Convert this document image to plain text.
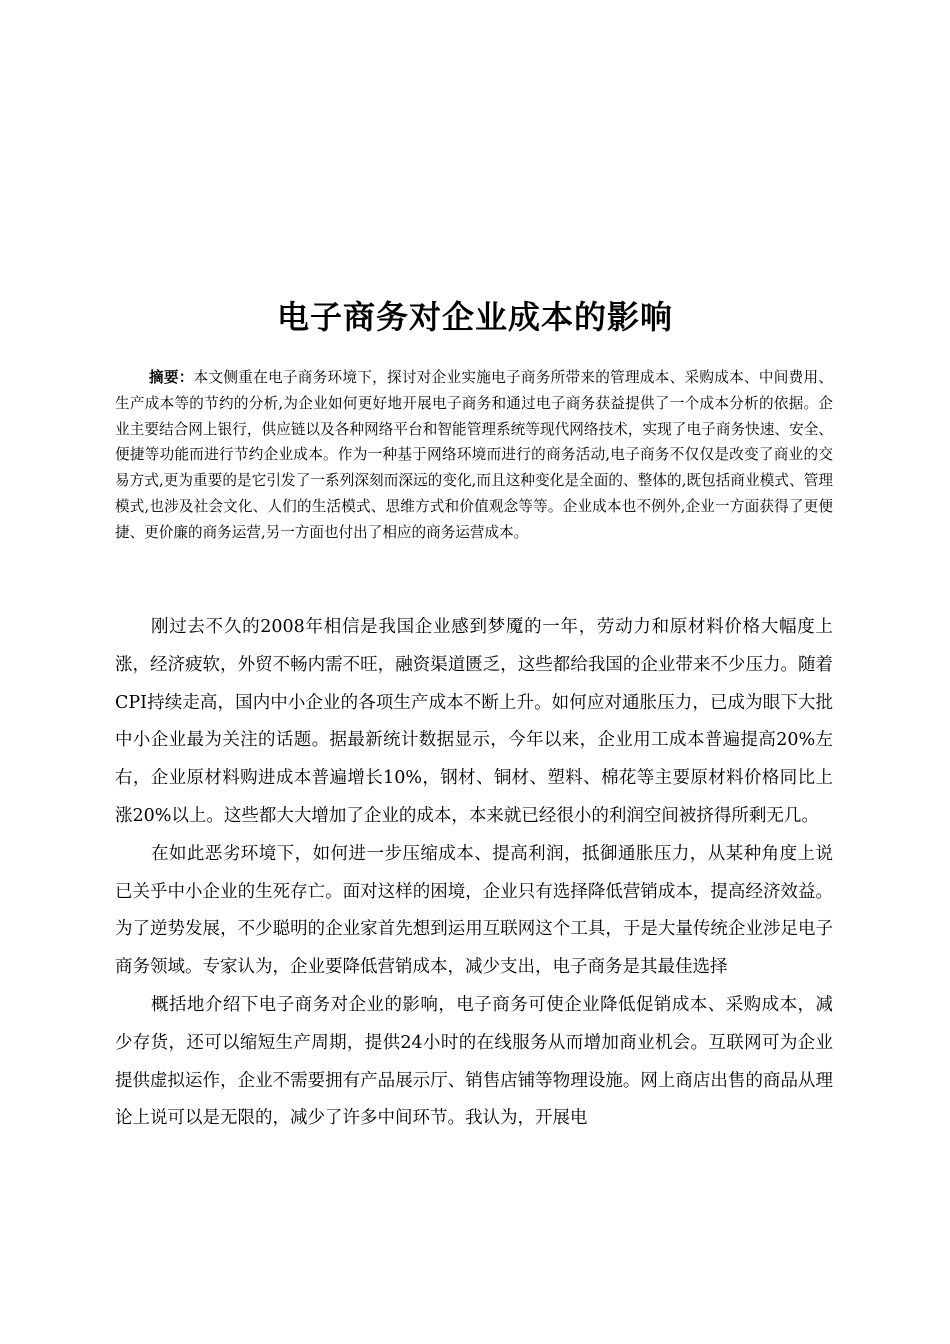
电子商务对企业成本的影响
摘要：本文侧重在电子商务环境下，探讨对企业实施电子商务所带来的管理成本、采购成本、中间费用、生产成本等的节约的分析,为企业如何更好地开展电子商务和通过电子商务获益提供了一个成本分析的依据。企业主要结合网上银行，供应链以及各种网络平台和智能管理系统等现代网络技术，实现了电子商务快速、安全、便捷等功能而进行节约企业成本。作为一种基于网络环境而进行的商务活动,电子商务不仅仅是改变了商业的交易方式,更为重要的是它引发了一系列深刻而深远的变化,而且这种变化是全面的、整体的,既包括商业模式、管理模式,也涉及社会文化、人们的生活模式、思维方式和价值观念等等。企业成本也不例外,企业一方面获得了更便捷、更价廉的商务运营,另一方面也付出了相应的商务运营成本。

刚过去不久的2008年相信是我国企业感到梦魇的一年，劳动力和原材料价格大幅度上涨，经济疲软，外贸不畅内需不旺，融资渠道匮乏，这些都给我国的企业带来不少压力。随着CPI持续走高，国内中小企业的各项生产成本不断上升。如何应对通胀压力，已成为眼下大批中小企业最为关注的话题。据最新统计数据显示，今年以来，企业用工成本普遍提高20%左右，企业原材料购进成本普遍增长10%，钢材、铜材、塑料、棉花等主要原材料价格同比上涨20%以上。这些都大大增加了企业的成本，本来就已经很小的利润空间被挤得所剩无几。

在如此恶劣环境下，如何进一步压缩成本、提高利润，抵御通胀压力，从某种角度上说已关乎中小企业的生死存亡。面对这样的困境，企业只有选择降低营销成本，提高经济效益。为了逆势发展，不少聪明的企业家首先想到运用互联网这个工具，于是大量传统企业涉足电子商务领域。专家认为，企业要降低营销成本，减少支出，电子商务是其最佳选择

概括地介绍下电子商务对企业的影响，电子商务可使企业降低促销成本、采购成本，减少存货，还可以缩短生产周期，提供24小时的在线服务从而增加商业机会。互联网可为企业提供虚拟运作，企业不需要拥有产品展示厅、销售店铺等物理设施。网上商店出售的商品从理论上说可以是无限的，减少了许多中间环节。我认为，开展电
